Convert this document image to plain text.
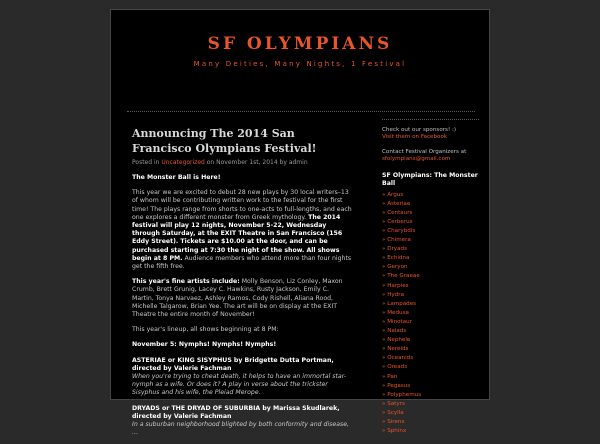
SF OLYMPIANS
Many Deities, Many Nights, 1 Festival
Announcing The 2014 San Francisco Olympians Festival!
Posted in Uncategorized on November 1st, 2014 by admin

The Monster Ball is Here!

This year we are excited to debut 28 new plays by 30 local writers–13 of whom will be contributing written work to the festival for the first time! The plays range from shorts to one-acts to full-lengths, and each one explores a different monster from Greek mythology. The 2014 festival will play 12 nights, November 5-22, Wednesday through Saturday, at the EXIT Theatre in San Francisco (156 Eddy Street). Tickets are $10.00 at the door, and can be purchased starting at 7:30 the night of the show. All shows begin at 8 PM. Audience members who attend more than four nights get the fifth free.

This year's fine artists include: Molly Benson, Liz Conley, Maxon Crumb, Brett Grunig, Lacey C. Hawkins, Rusty Jackson, Emily C. Martin, Tonya Narvaez, Ashley Ramos, Cody Rishell, Aliana Rood, Michelle Talgarow, Brian Yee. The art will be on display at the EXIT Theatre the entire month of November!

This year's lineup, all shows beginning at 8 PM:

November 5: Nymphs! Nymphs! Nymphs!

ASTERIAE or KING SISYPHUS by Bridgette Dutta Portman, directed by Valerie Fachman
When you're trying to cheat death, it helps to have an immortal star-nymph as a wife. Or does it? A play in verse about the trickster Sisyphus and his wife, the Pleiad Merope.

DRYADS or THE DRYAD OF SUBURBIA by Marissa Skudlarek, directed by Valerie Fachman
In a suburban neighborhood blighted by both conformity and disease, …

Check out our sponsors! :)
Visit them on Facebook
Contact Festival Organizers at
sfolympians@gmail.com
SF Olympians: The Monster Ball
» Argus
» Asteriae
» Centaurs
» Cerberus
» Charybdis
» Chimera
» Dryads
» Echidna
» Geryon
» The Graeae
» Harpies
» Hydra
» Lampades
» Medusa
» Minotaur
» Naiads
» Nephele
» Nereids
» Oceanids
» Oreads
» Pan
» Pegasus
» Polyphemus
» Satyrs
» Scylla
» Sirens
» Sphinx
